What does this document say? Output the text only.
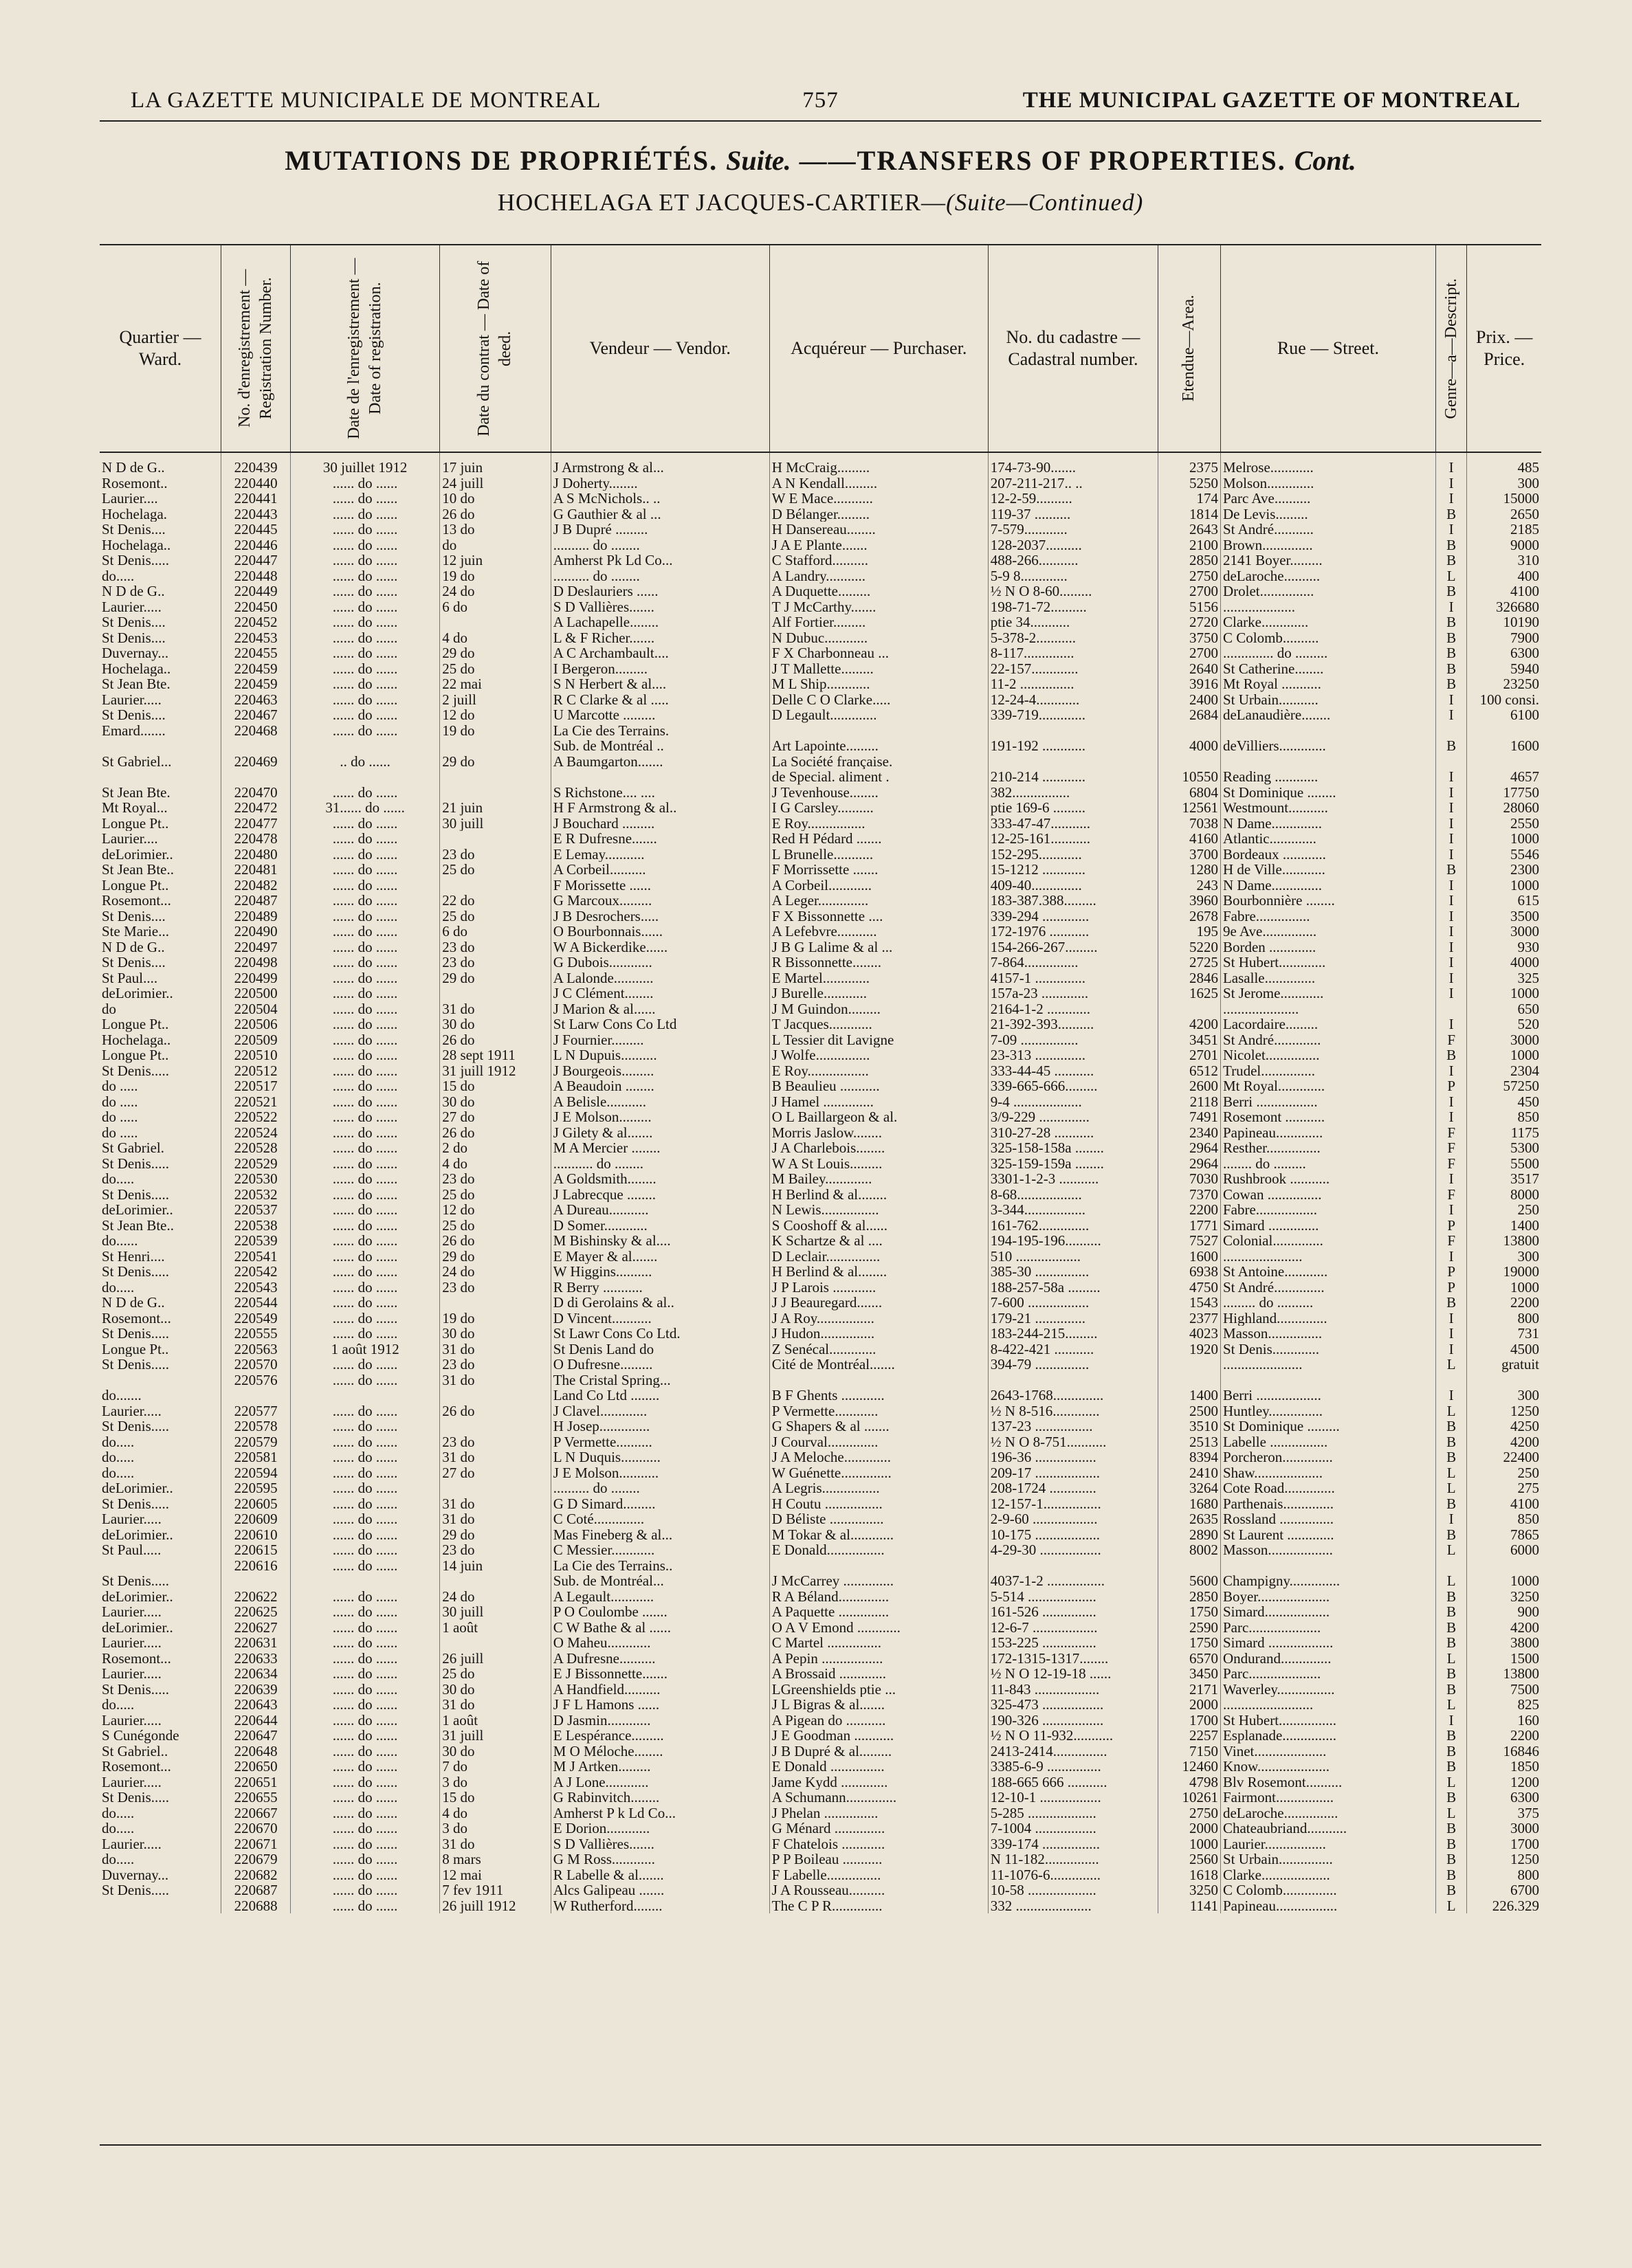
LA GAZETTE MUNICIPALE DE MONTREAL	757	THE MUNICIPAL GAZETTE OF MONTREAL
MUTATIONS DE PROPRIÉTÉS. Suite. ——TRANSFERS OF PROPERTIES. Cont.
HOCHELAGA ET JACQUES-CARTIER—(Suite—Continued)
Quartier — Ward.	No. d'enregistrement — Registration Number.	Date de l'enregistrement — Date of registration.	Date du contrat — Date of deed.	Vendeur — Vendor.	Acquéreur — Purchaser.	No. du cadastre — Cadastral number.	Etendue—Area.	Rue — Street.	Genre—a—Descript.	Prix. — Price.
N D de G..	220439	30 juillet 1912	17 juin	J Armstrong & al...	H McCraig.........	174-73-90.......	2375	Melrose............	I	485
Rosemont..	220440	...... do ......	24 juill	J Doherty........	A N Kendall.........	207-211-217.. ..	5250	Molson.............	I	300
Laurier....	220441	...... do ......	10 do	A S McNichols.. ..	W E Mace...........	12-2-59..........	174	Parc Ave..........	I	15000
Hochelaga.	220443	...... do ......	26 do	G Gauthier & al ...	D Bélanger.........	119-37 ..........	1814	De Levis.........	B	2650
St Denis....	220445	...... do ......	13 do	J B Dupré .........	H Dansereau........	7-579............	2643	St André...........	I	2185
Hochelaga..	220446	...... do ......	do	.......... do ........	J A E Plante.......	128-2037..........	2100	Brown..............	B	9000
St Denis.....	220447	...... do ......	12 juin	Amherst Pk Ld Co...	C Stafford..........	488-266...........	2850	2141 Boyer.........	B	310
do.....	220448	...... do ......	19 do	.......... do ........	A Landry...........	5-9 8.............	2750	deLaroche..........	L	400
N D de G..	220449	...... do ......	24 do	D Deslauriers ......	A Duquette.........	½ N O 8-60.........	2700	Drolet...............	B	4100
Laurier.....	220450	...... do ......	6 do	S D Vallières.......	T J McCarthy.......	198-71-72..........	5156	....................	I	326680
St Denis....	220452	...... do ......		A Lachapelle........	Alf Fortier.........	ptie 34...........	2720	Clarke.............	B	10190
St Denis....	220453	...... do ......	4 do	L & F Richer.......	N Dubuc............	5-378-2...........	3750	C Colomb..........	B	7900
Duvernay...	220455	...... do ......	29 do	A C Archambault....	F X Charbonneau ...	8-117..............	2700	.............. do .........	B	6300
Hochelaga..	220459	...... do ......	25 do	I Bergeron.........	J T Mallette.........	22-157.............	2640	St Catherine........	B	5940
St Jean Bte.	220459	...... do ......	22 mai	S N Herbert & al....	M L Ship............	11-2 ...............	3916	Mt Royal ...........	B	23250
Laurier.....	220463	...... do ......	2 juill	R C Clarke & al .....	Delle C O Clarke.....	12-24-4............	2400	St Urbain...........	I	100 consi.
St Denis....	220467	...... do ......	12 do	U Marcotte .........	D Legault.............	339-719.............	2684	deLanaudière........	I	6100
Emard.......	220468	...... do ......	19 do	La Cie des Terrains.						
				Sub. de Montréal ..	Art Lapointe.........	191-192 ............	4000	deVilliers.............	B	1600
St Gabriel...	220469	.. do ......	29 do	A Baumgarton.......	La Société française.					
					de Special. aliment .	210-214 ............	10550	Reading ............	I	4657
St Jean Bte.	220470	...... do ......		S Richstone.... ....	J Tevenhouse........	382................	6804	St Dominique ........	I	17750
Mt Royal...	220472	31...... do ......	21 juin	H F Armstrong & al..	I G Carsley..........	ptie 169-6 .........	12561	Westmount...........	I	28060
Longue Pt..	220477	...... do ......	30 juill	J Bouchard .........	E Roy................	333-47-47...........	7038	N Dame..............	I	2550
Laurier....	220478	...... do ......		E R Dufresne.......	Red H Pédard .......	12-25-161...........	4160	Atlantic.............	I	1000
deLorimier..	220480	...... do ......	23 do	E Lemay...........	L Brunelle...........	152-295............	3700	Bordeaux ............	I	5546
St Jean Bte..	220481	...... do ......	25 do	A Corbeil..........	F Morrissette .......	15-1212 ............	1280	H de Ville............	B	2300
Longue Pt..	220482	...... do ......		F Morissette ......	A Corbeil............	409-40..............	243	N Dame..............	I	1000
Rosemont...	220487	...... do ......	22 do	G Marcoux.........	A Leger..............	183-387.388.........	3960	Bourbonnière ........	I	615
St Denis....	220489	...... do ......	25 do	J B Desrochers.....	F X Bissonnette ....	339-294 .............	2678	Fabre...............	I	3500
Ste Marie...	220490	...... do ......	6 do	O Bourbonnais......	A Lefebvre...........	172-1976 ...........	195	9e Ave...............	I	3000
N D de G..	220497	...... do ......	23 do	W A Bickerdike......	J B G Lalime & al ...	154-266-267.........	5220	Borden .............	I	930
St Denis....	220498	...... do ......	23 do	G Dubois............	R Bissonnette........	7-864...............	2725	St Hubert.............	I	4000
St Paul....	220499	...... do ......	29 do	A Lalonde...........	E Martel.............	4157-1 ..............	2846	Lasalle..............	I	325
deLorimier..	220500	...... do ......		J C Clément........	J Burelle............	157a-23 .............	1625	St Jerome............	I	1000
do	220504	...... do ......	31 do	J Marion & al......	J M Guindon.........	2164-1-2 ............		.....................		650
Longue Pt..	220506	...... do ......	30 do	St Larw Cons Co Ltd	T Jacques............	21-392-393..........	4200	Lacordaire.........	I	520
Hochelaga..	220509	...... do ......	26 do	J Fournier.........	L Tessier dit Lavigne	7-09 ................	3451	St André.............	F	3000
Longue Pt..	220510	...... do ......	28 sept 1911	L N Dupuis..........	J Wolfe...............	23-313 ..............	2701	Nicolet...............	B	1000
St Denis.....	220512	...... do ......	31 juill 1912	J Bourgeois.........	E Roy.................	333-44-45 ...........	6512	Trudel...............	I	2304
do .....	220517	...... do ......	15 do	A Beaudoin ........	B Beaulieu ...........	339-665-666.........	2600	Mt Royal.............	P	57250
do .....	220521	...... do ......	30 do	A Belisle...........	J Hamel ..............	9-4 ...................	2118	Berri .................	I	450
do .....	220522	...... do ......	27 do	J E Molson.........	O L Baillargeon & al.	3/9-229 ..............	7491	Rosemont ...........	I	850
do .....	220524	...... do ......	26 do	J Gilety & al.......	Morris Jaslow........	310-27-28 ...........	2340	Papineau.............	F	1175
St Gabriel.	220528	...... do ......	2 do	M A Mercier ........	J A Charlebois........	325-158-158a ........	2964	Resther...............	F	5300
St Denis.....	220529	...... do ......	4 do	........... do ........	W A St Louis.........	325-159-159a ........	2964	........ do .........	F	5500
do.....	220530	...... do ......	23 do	A Goldsmith........	M Bailey.............	3301-1-2-3 ...........	7030	Rushbrook ...........	I	3517
St Denis.....	220532	...... do ......	25 do	J Labrecque ........	H Berlind & al........	8-68..................	7370	Cowan ...............	F	8000
deLorimier..	220537	...... do ......	12 do	A Dureau...........	N Lewis................	3-344.................	2200	Fabre.................	I	250
St Jean Bte..	220538	...... do ......	25 do	D Somer............	S Cooshoff & al......	161-762..............	1771	Simard ..............	P	1400
do......	220539	...... do ......	26 do	M Bishinsky & al....	K Schartze & al ....	194-195-196..........	7527	Colonial..............	F	13800
St Henri....	220541	...... do ......	29 do	E Mayer & al.......	D Leclair...............	510 ..................	1600	......................	I	300
St Denis.....	220542	...... do ......	24 do	W Higgins..........	H Berlind & al........	385-30 ...............	6938	St Antoine............	P	19000
do.....	220543	...... do ......	23 do	R Berry ...........	J P Larois ............	188-257-58a .........	4750	St André..............	P	1000
N D de G..	220544	...... do ......		D di Gerolains & al..	J J Beauregard.......	7-600 .................	1543	......... do ..........	B	2200
Rosemont...	220549	...... do ......	19 do	D Vincent...........	J A Roy................	179-21 ..............	2377	Highland..............	I	800
St Denis.....	220555	...... do ......	30 do	St Lawr Cons Co Ltd.	J Hudon...............	183-244-215.........	4023	Masson...............	I	731
Longue Pt..	220563	1 août 1912	31 do	St Denis Land do	Z Senécal.............	8-422-421 ...........	1920	St Denis.............	I	4500
St Denis.....	220570	...... do ......	23 do	O Dufresne.........	Cité de Montréal.......	394-79 ...............		......................	L	gratuit
	220576	...... do ......	31 do	The Cristal Spring...						
do.......				Land Co Ltd ........	B F Ghents ............	2643-1768..............	1400	Berri ..................	I	300
Laurier.....	220577	...... do ......	26 do	J Clavel.............	P Vermette............	½ N 8-516.............	2500	Huntley...............	L	1250
St Denis.....	220578	...... do ......		H Josep..............	G Shapers & al .......	137-23 ................	3510	St Dominique .........	B	4250
do.....	220579	...... do ......	23 do	P Vermette..........	J Courval..............	½ N O 8-751...........	2513	Labelle ................	B	4200
do.....	220581	...... do ......	31 do	L N Duquis...........	J A Meloche.............	196-36 .................	8394	Porcheron..............	B	22400
do.....	220594	...... do ......	27 do	J E Molson...........	W Guénette..............	209-17 ..................	2410	Shaw...................	L	250
deLorimier..	220595	...... do ......		.......... do ........	A Legris................	208-1724 .............	3264	Cote Road..............	L	275
St Denis.....	220605	...... do ......	31 do	G D Simard.........	H Coutu ................	12-157-1................	1680	Parthenais..............	B	4100
Laurier.....	220609	...... do ......	31 do	C Coté..............	D Béliste ...............	2-9-60 ..................	2635	Rossland ...............	I	850
deLorimier..	220610	...... do ......	29 do	Mas Fineberg & al...	M Tokar & al............	10-175 ..................	2890	St Laurent .............	B	7865
St Paul.....	220615	...... do ......	23 do	C Messier............	E Donald................	4-29-30 .................	8002	Masson..................	L	6000
	220616	...... do ......	14 juin	La Cie des Terrains..						
St Denis.....				Sub. de Montréal...	J McCarrey ..............	4037-1-2 ................	5600	Champigny..............	L	1000
deLorimier..	220622	...... do ......	24 do	A Legault............	R A Béland..............	5-514 ...................	2850	Boyer....................	B	3250
Laurier.....	220625	...... do ......	30 juill	P O Coulombe .......	A Paquette ..............	161-526 ...............	1750	Simard..................	B	900
deLorimier..	220627	...... do ......	1 août	C W Bathe & al ......	O A V Emond ............	12-6-7 ..................	2590	Parc....................	B	4200
Laurier.....	220631	...... do ......		O Maheu............	C Martel ...............	153-225 ...............	1750	Simard ..................	B	3800
Rosemont...	220633	...... do ......	26 juill	A Dufresne..........	A Pepin .................	172-1315-1317........	6570	Ondurand..............	L	1500
Laurier.....	220634	...... do ......	25 do	E J Bissonnette.......	A Brossaid .............	½ N O 12-19-18 ......	3450	Parc....................	B	13800
St Denis.....	220639	...... do ......	30 do	A Handfield..........	LGreenshields ptie ...	11-843 ..................	2171	Waverley................	B	7500
do.....	220643	...... do ......	31 do	J F L Hamons ......	J L Bigras & al.......	325-473 .................	2000	.........................	L	825
Laurier.....	220644	...... do ......	1 août	D Jasmin............	A Pigean do ...........	190-326 .................	1700	St Hubert................	I	160
S Cunégonde	220647	...... do ......	31 juill	E Lespérance.........	J E Goodman ...........	½ N O 11-932...........	2257	Esplanade...............	B	2200
St Gabriel..	220648	...... do ......	30 do	M O Méloche........	J B Dupré & al.........	2413-2414...............	7150	Vinet....................	B	16846
Rosemont...	220650	...... do ......	7 do	M J Artken.........	E Donald ...............	3385-6-9 ...............	12460	Know....................	B	1850
Laurier.....	220651	...... do ......	3 do	A J Lone............	Jame Kydd .............	188-665 666 ...........	4798	Blv Rosemont..........	L	1200
St Denis.....	220655	...... do ......	15 do	G Rabinvitch........	A Schumann..............	12-10-1 .................	10261	Fairmont................	B	6300
do.....	220667	...... do ......	4 do	Amherst P k Ld Co...	J Phelan ...............	5-285 ...................	2750	deLaroche...............	L	375
do.....	220670	...... do ......	3 do	E Dorion............	G Ménard ..............	7-1004 .................	2000	Chateaubriand...........	B	3000
Laurier.....	220671	...... do ......	31 do	S D Vallières.......	F Chatelois ............	339-174 ................	1000	Laurier.................	B	1700
do.....	220679	...... do ......	8 mars	G M Ross............	P P Boileau ...........	N 11-182...............	2560	St Urbain...............	B	1250
Duvernay...	220682	...... do ......	12 mai	R Labelle & al.......	F Labelle...............	11-1076-6..............	1618	Clarke...................	B	800
St Denis.....	220687	...... do ......	7 fev 1911	Alcs Galipeau .......	J A Rousseau..........	10-58 ...................	3250	C Colomb...............	B	6700
	220688	...... do ......	26 juill 1912	W Rutherford........	The C P R..............	332 .....................	1141	Papineau.................	L	226.329
